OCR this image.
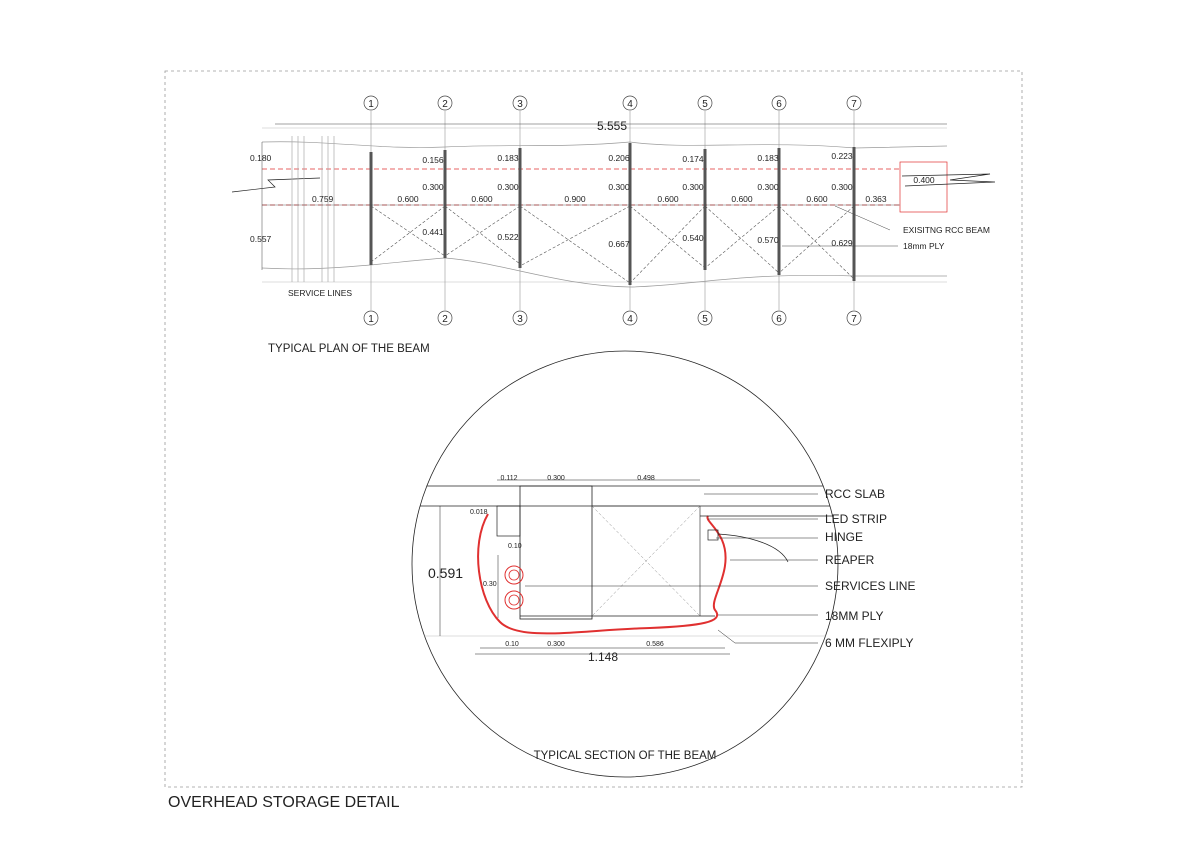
1	2	3	4	5	6	7
1	2	3	4	5	6	7
5.555
0.180
0.557
0.759	0.600	0.600	0.900	0.600	0.600	0.600	0.363
0.156	0.183	0.206	0.174	0.183	0.223
0.300	0.300	0.300	0.300	0.300	0.300
0.441	0.522
0.667
0.540	0.570	0.629
0.400
SERVICE LINES
EXISITNG RCC BEAM
18mm PLY
TYPICAL PLAN OF THE BEAM
0.112	0.300	0.498
0.018
0.10
0.30
0.591
0.10	0.300	0.586
1.148
RCC SLAB
LED STRIP
HINGE
REAPER
SERVICES LINE
18MM PLY
6 MM FLEXIPLY
TYPICAL SECTION OF THE BEAM
OVERHEAD STORAGE DETAIL
